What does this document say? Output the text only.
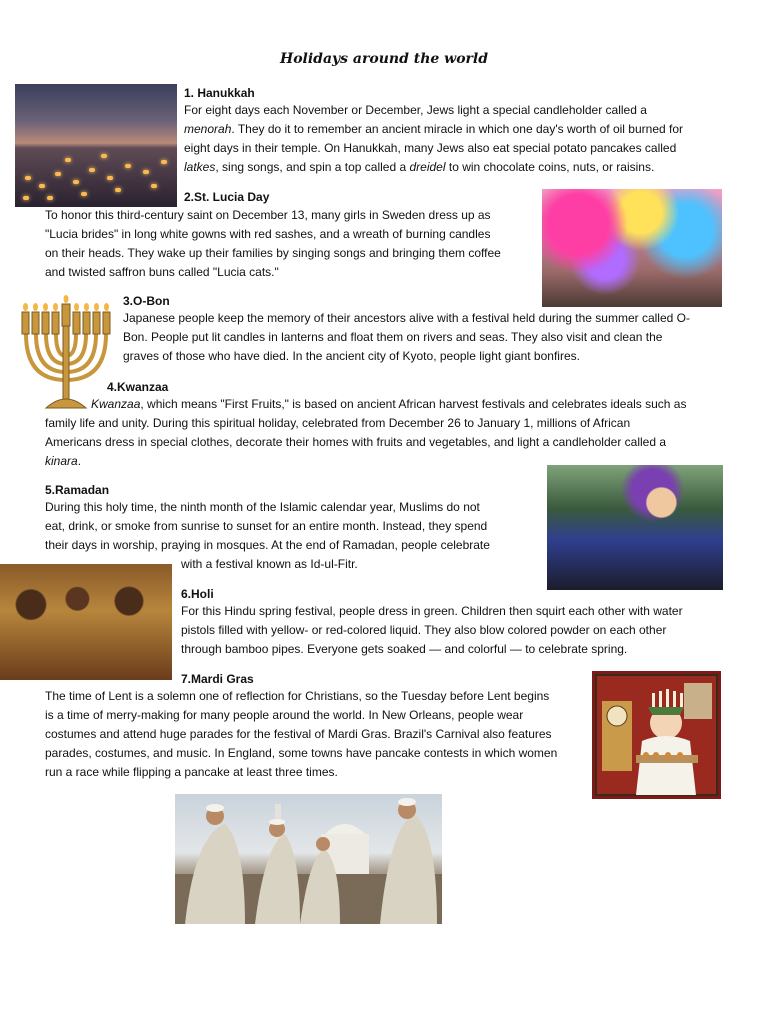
Holidays around the world
1. Hanukkah
For eight days each November or December, Jews light a special candleholder called a
menorah. They do it to remember an ancient miracle in which one day's worth of oil burned for
eight days in their temple. On Hanukkah, many Jews also eat special potato pancakes called
latkes, sing songs, and spin a top called a dreidel to win chocolate coins, nuts, or raisins.
2.St. Lucia Day
To honor this third-century saint on December 13, many girls in Sweden dress up as
"Lucia brides" in long white gowns with red sashes, and a wreath of burning candles
on their heads. They wake up their families by singing songs and bringing them coffee
and twisted saffron buns called "Lucia cats."
3.O-Bon
Japanese people keep the memory of their ancestors alive with a festival held during the summer called O-
Bon. People put lit candles in lanterns and float them on rivers and seas. They also visit and clean the
graves of those who have died. In the ancient city of Kyoto, people light giant bonfires.
4.Kwanzaa
Kwanzaa, which means "First Fruits," is based on ancient African harvest festivals and celebrates ideals such as
family life and unity. During this spiritual holiday, celebrated from December 26 to January 1, millions of African
Americans dress in special clothes, decorate their homes with fruits and vegetables, and light a candleholder called a
kinara.
5.Ramadan
During this holy time, the ninth month of the Islamic calendar year, Muslims do not
eat, drink, or smoke from sunrise to sunset for an entire month. Instead, they spend
their days in worship, praying in mosques. At the end of Ramadan, people celebrate
with a festival known as Id-ul-Fitr.
6.Holi
For this Hindu spring festival, people dress in green. Children then squirt each other with water
pistols filled with yellow- or red-colored liquid. They also blow colored powder on each other
through bamboo pipes. Everyone gets soaked — and colorful — to celebrate spring.
7.Mardi Gras
The time of Lent is a solemn one of reflection for Christians, so the Tuesday before Lent begins
is a time of merry-making for many people around the world. In New Orleans, people wear
costumes and attend huge parades for the festival of Mardi Gras. Brazil's Carnival also features
parades, costumes, and music. In England, some towns have pancake contests in which women
run a race while flipping a pancake at least three times.
